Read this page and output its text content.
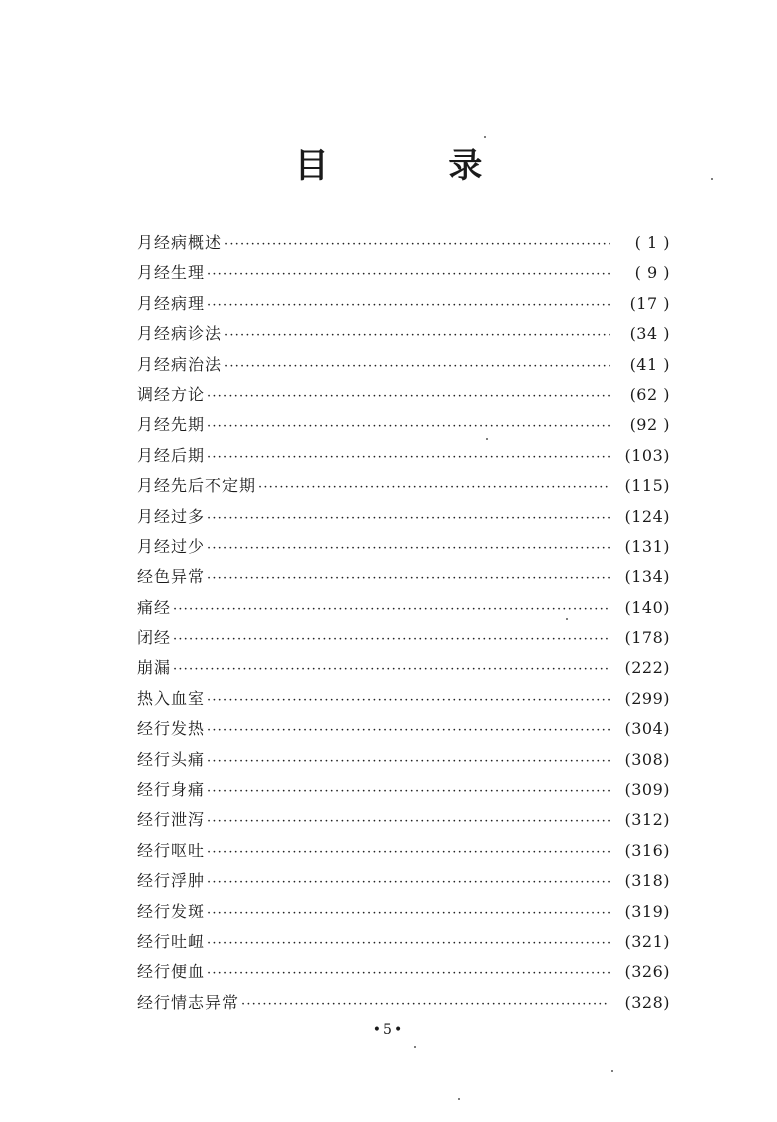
目 录
月经病概述 ·····	( 1 )
月经生理 ·····	( 9 )
月经病理 ·····	(17 )
月经病诊法 ·····	(34 )
月经病治法 ·····	(41 )
调经方论 ·····	(62 )
月经先期 ·····	(92 )
月经后期 ·····	(103)
月经先后不定期 ·····	(115)
月经过多 ·····	(124)
月经过少 ·····	(131)
经色异常 ·····	(134)
痛经 ·····	(140)
闭经 ·····	(178)
崩漏 ·····	(222)
热入血室 ·····	(299)
经行发热 ·····	(304)
经行头痛 ·····	(308)
经行身痛 ·····	(309)
经行泄泻 ·····	(312)
经行呕吐 ·····	(316)
经行浮肿 ·····	(318)
经行发斑 ·····	(319)
经行吐衄 ·····	(321)
经行便血 ·····	(326)
经行情志异常 ·····	(328)
•5•
